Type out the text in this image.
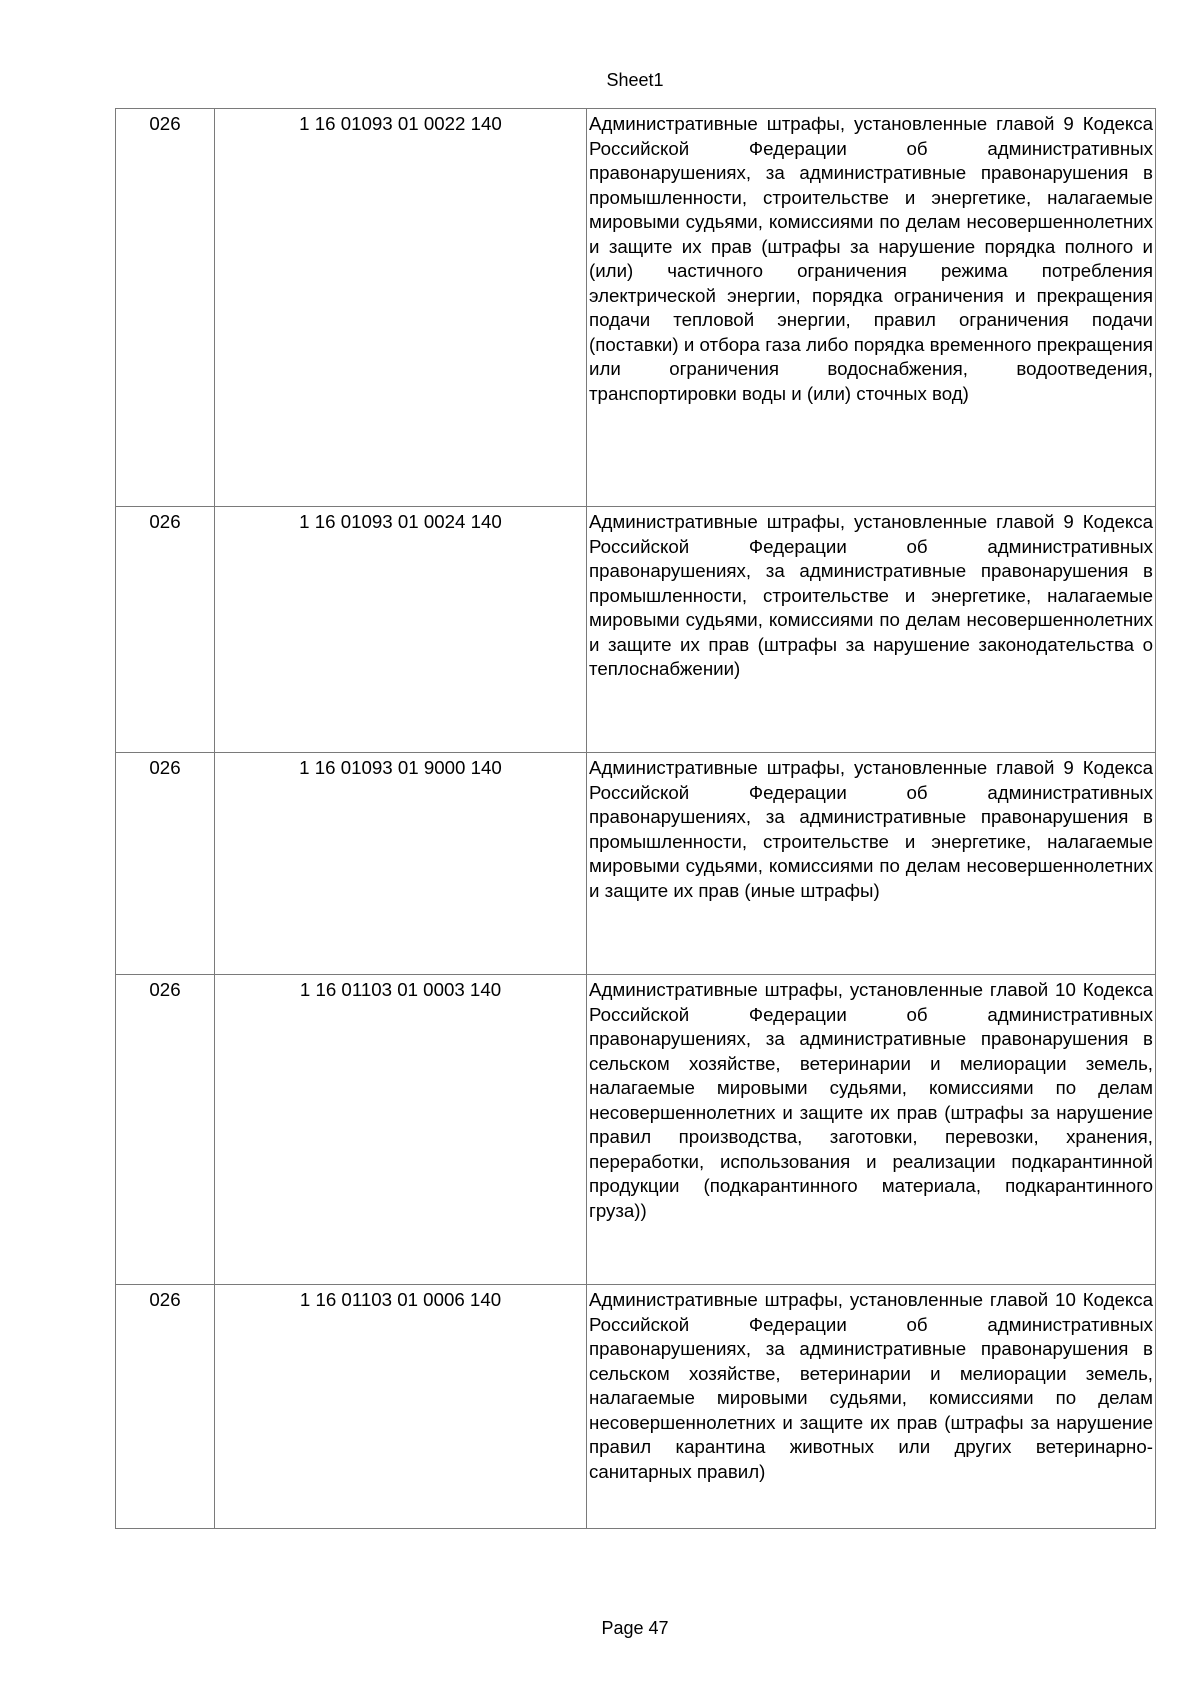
Sheet1
026	1 16 01093 01 0022 140	Административные штрафы, установленные главой 9 Кодекса Российской Федерации об административных правонарушениях, за административные правонарушения в промышленности, строительстве и энергетике, налагаемые мировыми судьями, комиссиями по делам несовершеннолетних и защите их прав (штрафы за нарушение порядка полного и (или) частичного ограничения режима потребления электрической энергии, порядка ограничения и прекращения подачи тепловой энергии, правил ограничения подачи (поставки) и отбора газа либо порядка временного прекращения или ограничения водоснабжения, водоотведения, транспортировки воды и (или) сточных вод)
026	1 16 01093 01 0024 140	Административные штрафы, установленные главой 9 Кодекса Российской Федерации об административных правонарушениях, за административные правонарушения в промышленности, строительстве и энергетике, налагаемые мировыми судьями, комиссиями по делам несовершеннолетних и защите их прав (штрафы за нарушение законодательства о теплоснабжении)
026	1 16 01093 01 9000 140	Административные штрафы, установленные главой 9 Кодекса Российской Федерации об административных правонарушениях, за административные правонарушения в промышленности, строительстве и энергетике, налагаемые мировыми судьями, комиссиями по делам несовершеннолетних и защите их прав (иные штрафы)
026	1 16 01103 01 0003 140	Административные штрафы, установленные главой 10 Кодекса Российской Федерации об административных правонарушениях, за административные правонарушения в сельском хозяйстве, ветеринарии и мелиорации земель, налагаемые мировыми судьями, комиссиями по делам несовершеннолетних и защите их прав (штрафы за нарушение правил производства, заготовки, перевозки, хранения, переработки, использования и реализации подкарантинной продукции (подкарантинного материала, подкарантинного груза))
026	1 16 01103 01 0006 140	Административные штрафы, установленные главой 10 Кодекса Российской Федерации об административных правонарушениях, за административные правонарушения в сельском хозяйстве, ветеринарии и мелиорации земель, налагаемые мировыми судьями, комиссиями по делам несовершеннолетних и защите их прав (штрафы за нарушение правил карантина животных или других ветеринарно-санитарных правил)
Page 47
